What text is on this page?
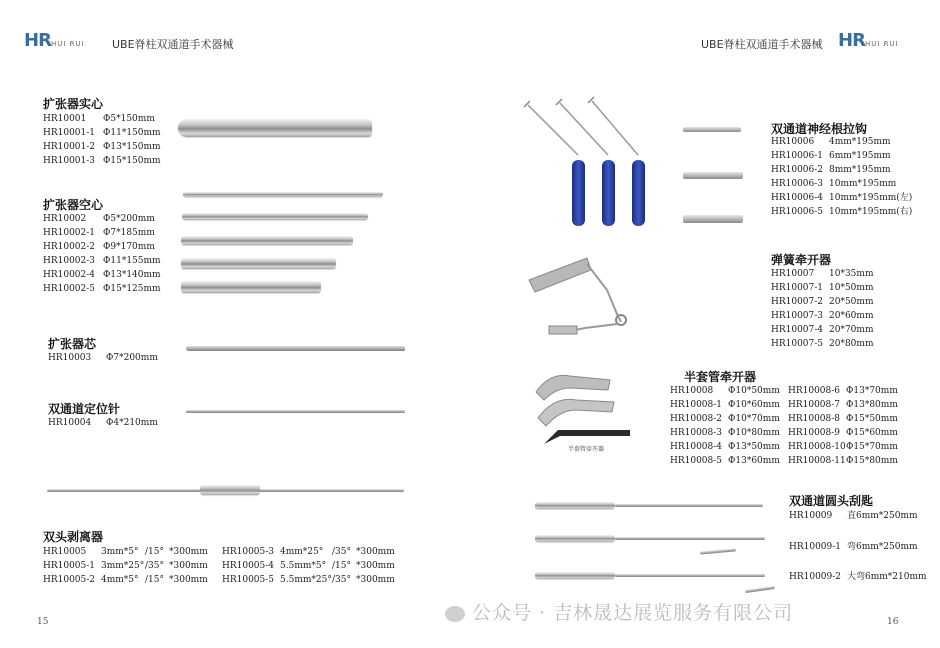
HRHUI RUI UBE脊柱双通道手术器械	UBE脊柱双通道手术器械 HRHUI RUI
扩张器实心
HR10001 Φ5*150mm
HR10001-1 Φ11*150mm
HR10001-2 Φ13*150mm
HR10001-3 Φ15*150mm
扩张器空心
HR10002 Φ5*200mm
HR10002-1 Φ7*185mm
HR10002-2 Φ9*170mm
HR10002-3 Φ11*155mm
HR10002-4 Φ13*140mm
HR10002-5 Φ15*125mm
扩张器芯
HR10003 Φ7*200mm
双通道定位针
HR10004 Φ4*210mm
双头剥离器
HR10005 3mm*5° /15° *300mm
HR10005-1 3mm*25°/35° *300mm
HR10005-2 4mm*5° /15° *300mm
HR10005-3 4mm*25° /35° *300mm
HR10005-4 5.5mm*5° /15° *300mm
HR10005-5 5.5mm*25°/35° *300mm
15
双通道神经根拉钩
HR10006 4mm*195mm
HR10006-1 6mm*195mm
HR10006-2 8mm*195mm
HR10006-3 10mm*195mm
HR10006-4 10mm*195mm(左)
HR10006-5 10mm*195mm(右)
弹簧牵开器
HR10007 10*35mm
HR10007-1 10*50mm
HR10007-2 20*50mm
HR10007-3 20*60mm
HR10007-4 20*70mm
HR10007-5 20*80mm
半套管牵开器
半套管牵开器
HR10008 Φ10*50mm
HR10008-1 Φ10*60mm
HR10008-2 Φ10*70mm
HR10008-3 Φ10*80mm
HR10008-4 Φ13*50mm
HR10008-5 Φ13*60mm
HR10008-6 Φ13*70mm
HR10008-7 Φ13*80mm
HR10008-8 Φ15*50mm
HR10008-9 Φ15*60mm
HR10008-10Φ15*70mm
HR10008-11Φ15*80mm
双通道圆头刮匙
HR10009 直6mm*250mm
HR10009-1 弯6mm*250mm
HR10009-2 大弯6mm*210mm
公众号 · 吉林晟达展览服务有限公司	16
